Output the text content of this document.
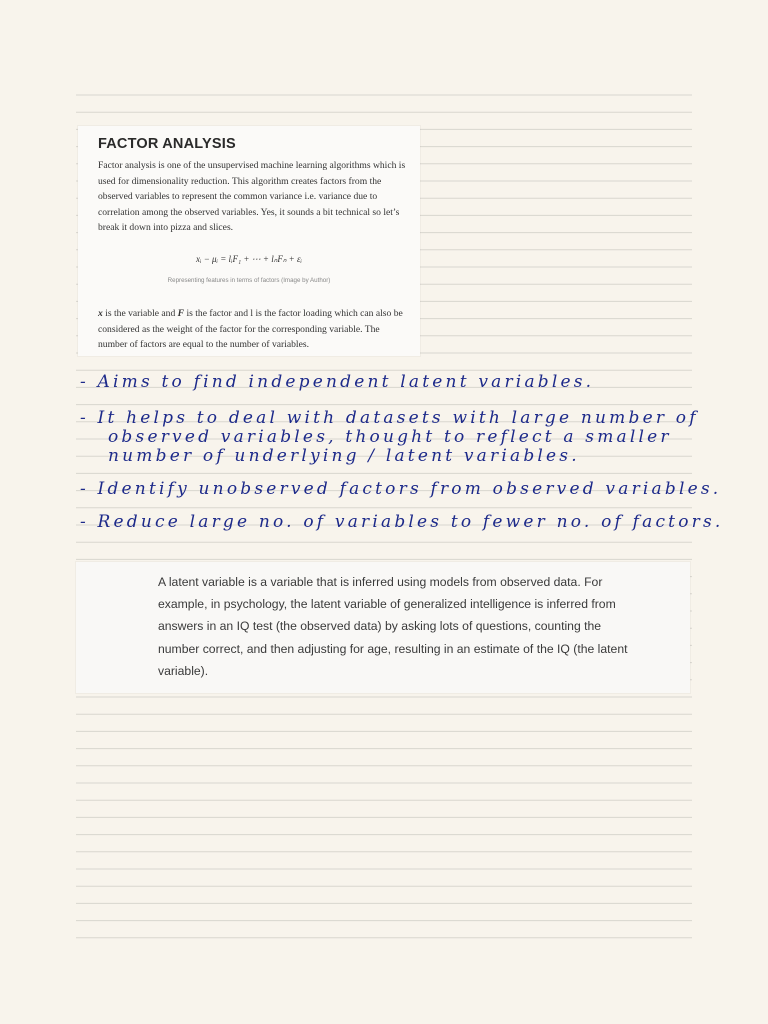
FACTOR ANALYSIS
Factor analysis is one of the unsupervised machine learning algorithms which is used for dimensionality reduction. This algorithm creates factors from the observed variables to represent the common variance i.e. variance due to correlation among the observed variables. Yes, it sounds a bit technical so let’s break it down into pizza and slices.
xᵢ − μᵢ = lᵢF₁ + ⋯ + lₙFₙ + εᵢ
Representing features in terms of factors (Image by Author)
x is the variable and F is the factor and l is the factor loading which can also be considered as the weight of the factor for the corresponding variable. The number of factors are equal to the number of variables.
- Aims to find independent latent variables.
- It helps to deal with datasets with large number of
observed variables, thought to reflect a smaller
number of underlying / latent variables.
- Identify unobserved factors from observed variables.
- Reduce large no. of variables to fewer no. of factors.
A latent variable is a variable that is inferred using models from observed data. For example, in psychology, the latent variable of generalized intelligence is inferred from answers in an IQ test (the observed data) by asking lots of questions, counting the number correct, and then adjusting for age, resulting in an estimate of the IQ (the latent variable).
